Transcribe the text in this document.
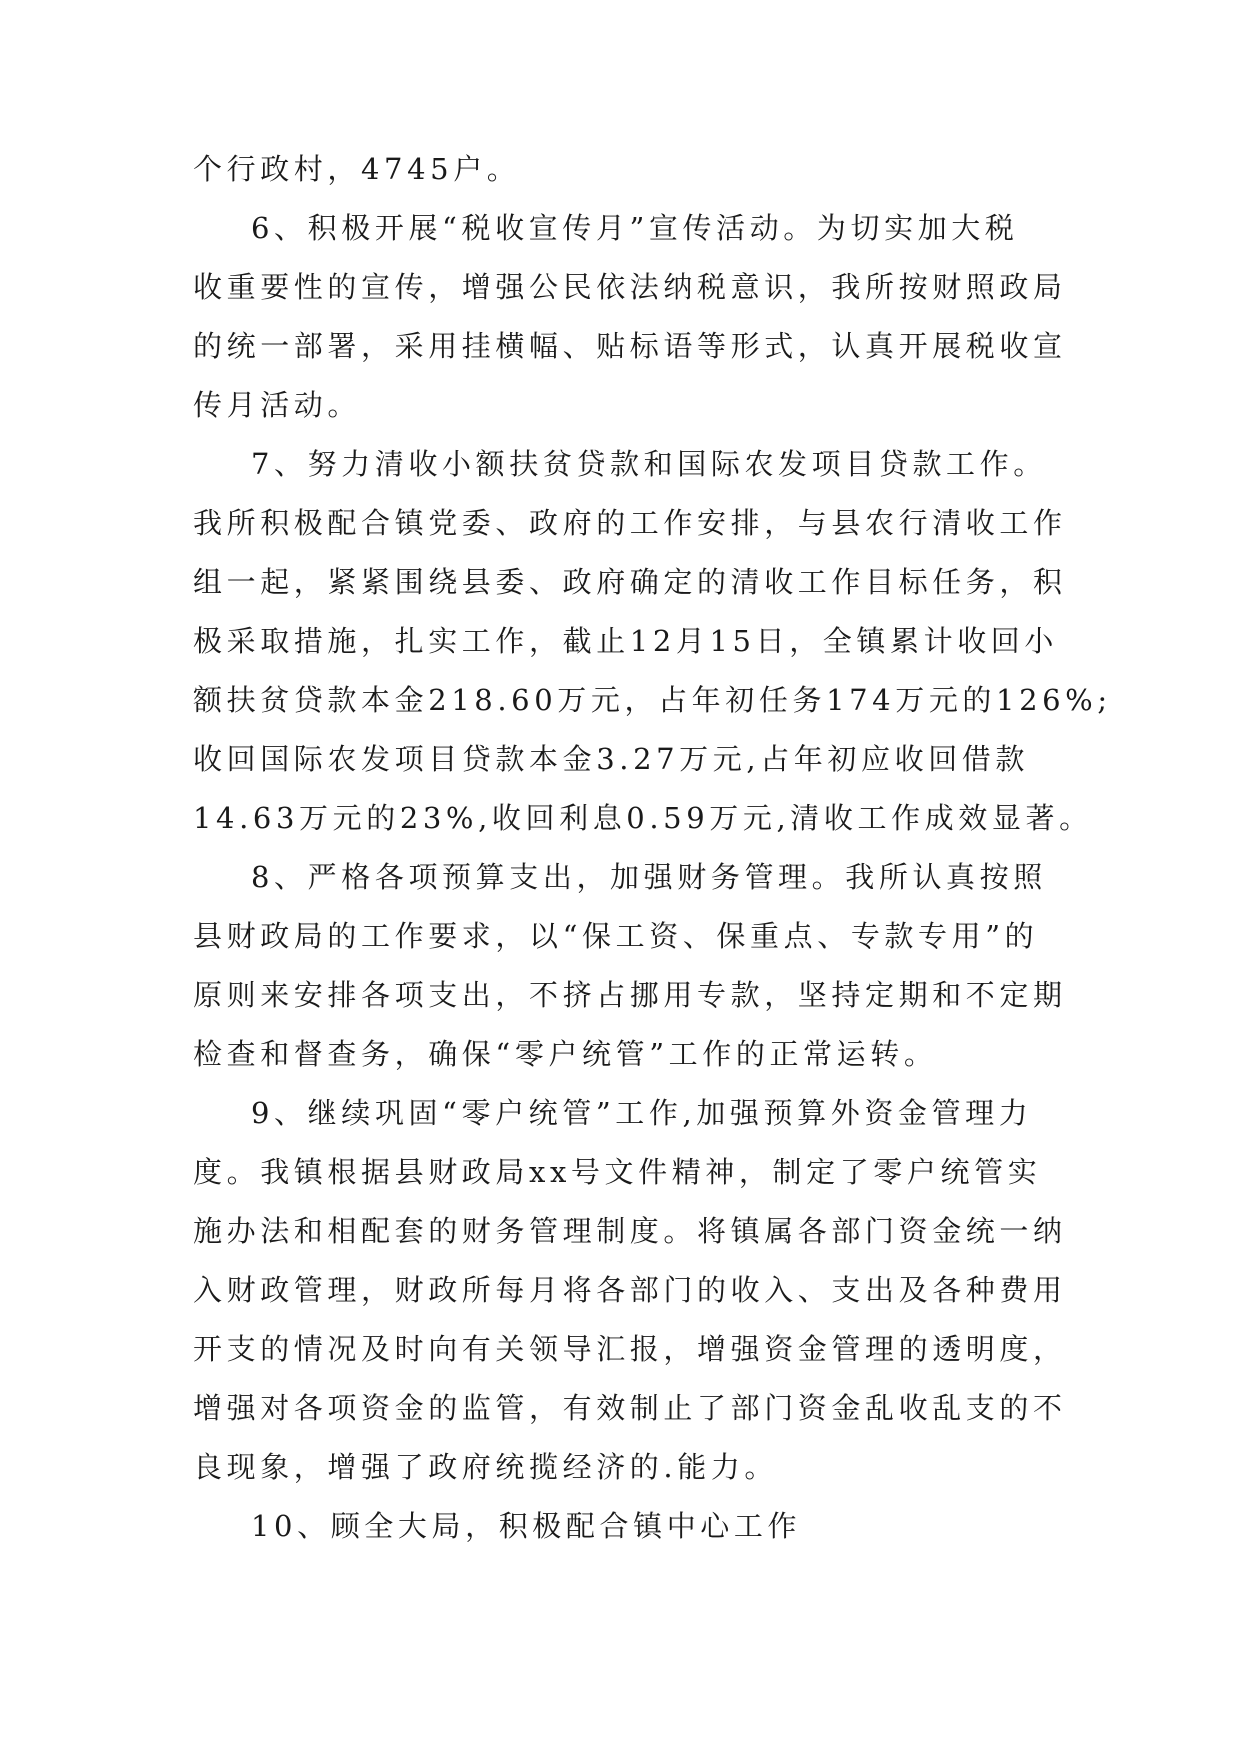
个行政村，4745户。
6、积极开展“税收宣传月”宣传活动。为切实加大税
收重要性的宣传，增强公民依法纳税意识，我所按财照政局
的统一部署，采用挂横幅、贴标语等形式，认真开展税收宣
传月活动。
7、努力清收小额扶贫贷款和国际农发项目贷款工作。
我所积极配合镇党委、政府的工作安排，与县农行清收工作
组一起，紧紧围绕县委、政府确定的清收工作目标任务，积
极采取措施，扎实工作，截止12月15日，全镇累计收回小
额扶贫贷款本金218.60万元，占年初任务174万元的126%;
收回国际农发项目贷款本金3.27万元,占年初应收回借款
14.63万元的23%,收回利息0.59万元,清收工作成效显著。
8、严格各项预算支出，加强财务管理。我所认真按照
县财政局的工作要求，以“保工资、保重点、专款专用”的
原则来安排各项支出，不挤占挪用专款，坚持定期和不定期
检查和督查务，确保“零户统管”工作的正常运转。
9、继续巩固“零户统管”工作,加强预算外资金管理力
度。我镇根据县财政局xx号文件精神，制定了零户统管实
施办法和相配套的财务管理制度。将镇属各部门资金统一纳
入财政管理，财政所每月将各部门的收入、支出及各种费用
开支的情况及时向有关领导汇报，增强资金管理的透明度，
增强对各项资金的监管，有效制止了部门资金乱收乱支的不
良现象，增强了政府统揽经济的.能力。
10、顾全大局，积极配合镇中心工作
